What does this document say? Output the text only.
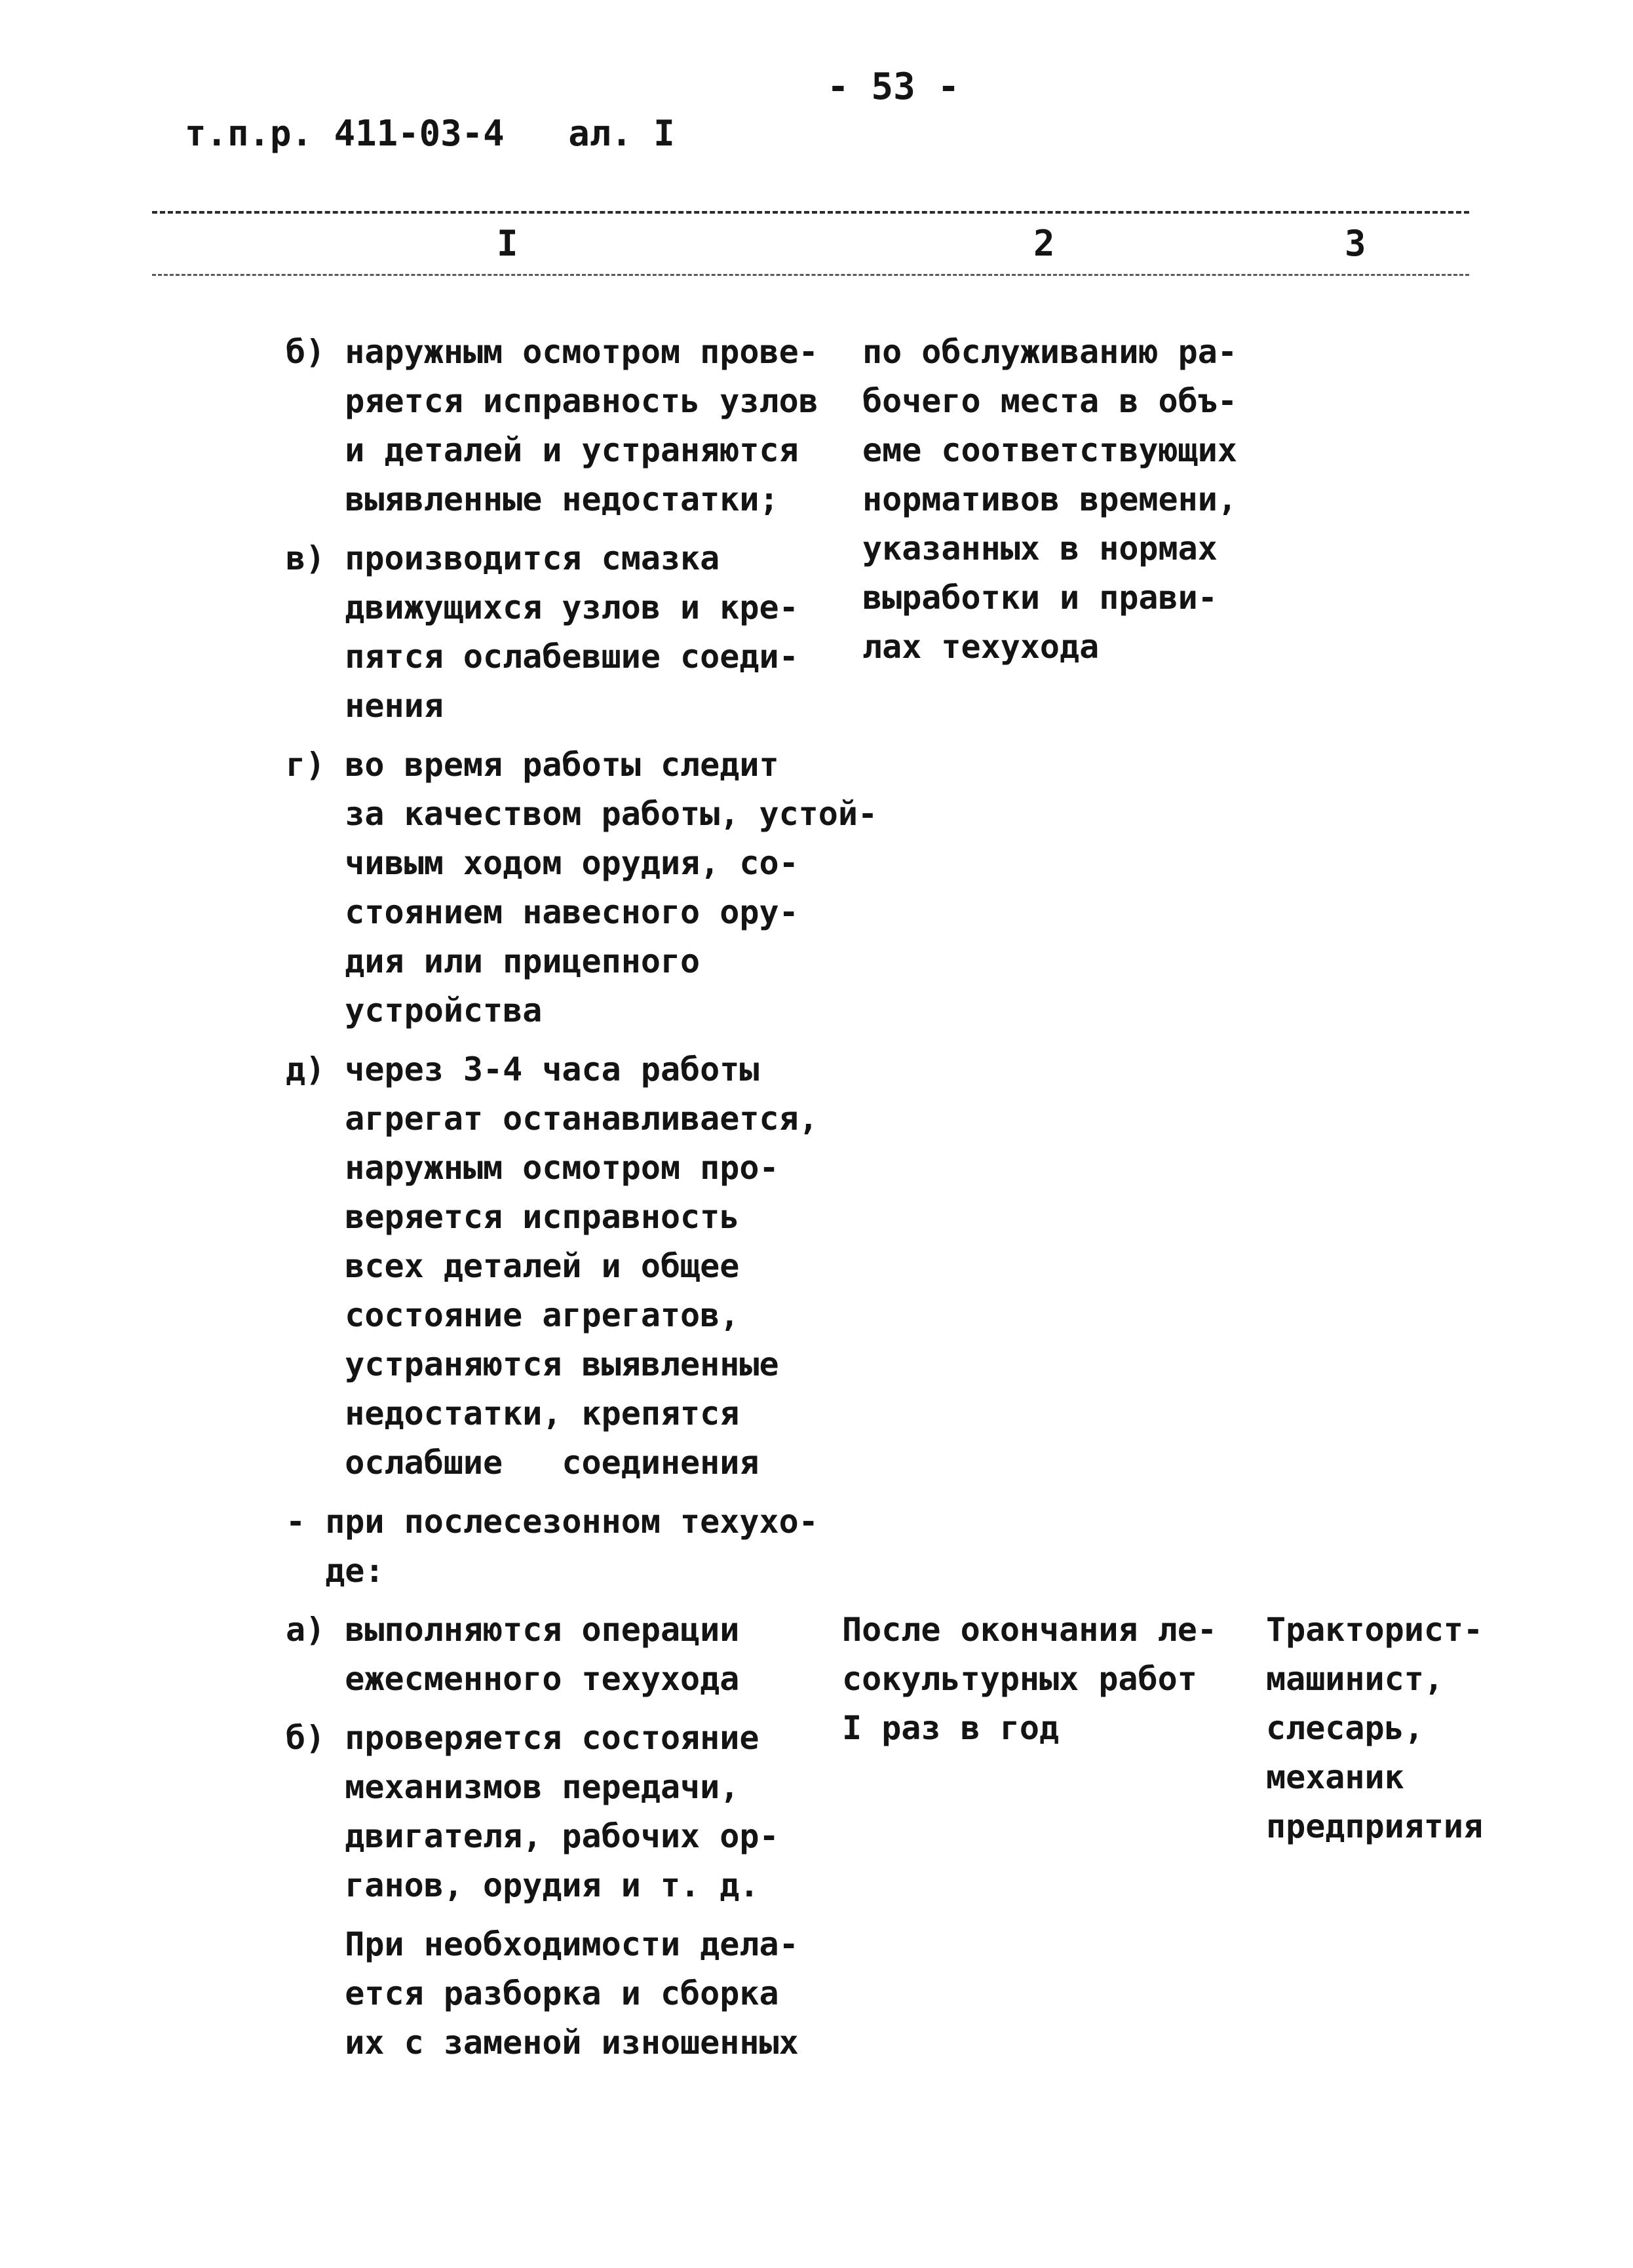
- 53 -
т.п.р. 411-03-4   ал. I
I	2	3
б) наружным осмотром прове-
ряется исправность узлов
и деталей и устраняются
выявленные недостатки;
в) производится смазка
движущихся узлов и кре-
пятся ослабевшие соеди-
нения
г) во время работы следит
за качеством работы, устой-
чивым ходом орудия, со-
стоянием навесного ору-
дия или прицепного
устройства
д) через 3-4 часа работы
агрегат останавливается,
наружным осмотром про-
веряется исправность
всех деталей и общее
состояние агрегатов,
устраняются выявленные
недостатки, крепятся
ослабшие   соединения
- при послесезонном техухо-
де:
а) выполняются операции
ежесменного техухода
б) проверяется состояние
механизмов передачи,
двигателя, рабочих ор-
ганов, орудия и т. д.
При необходимости дела-
ется разборка и сборка
их с заменой изношенных
по обслуживанию ра-
бочего места в объ-
еме соответствующих
нормативов времени,
указанных в нормах
выработки и прави-
лах техухода
После окончания ле-
сокультурных работ
I раз в год
Тракторист-
машинист,
слесарь,
механик
предприятия
